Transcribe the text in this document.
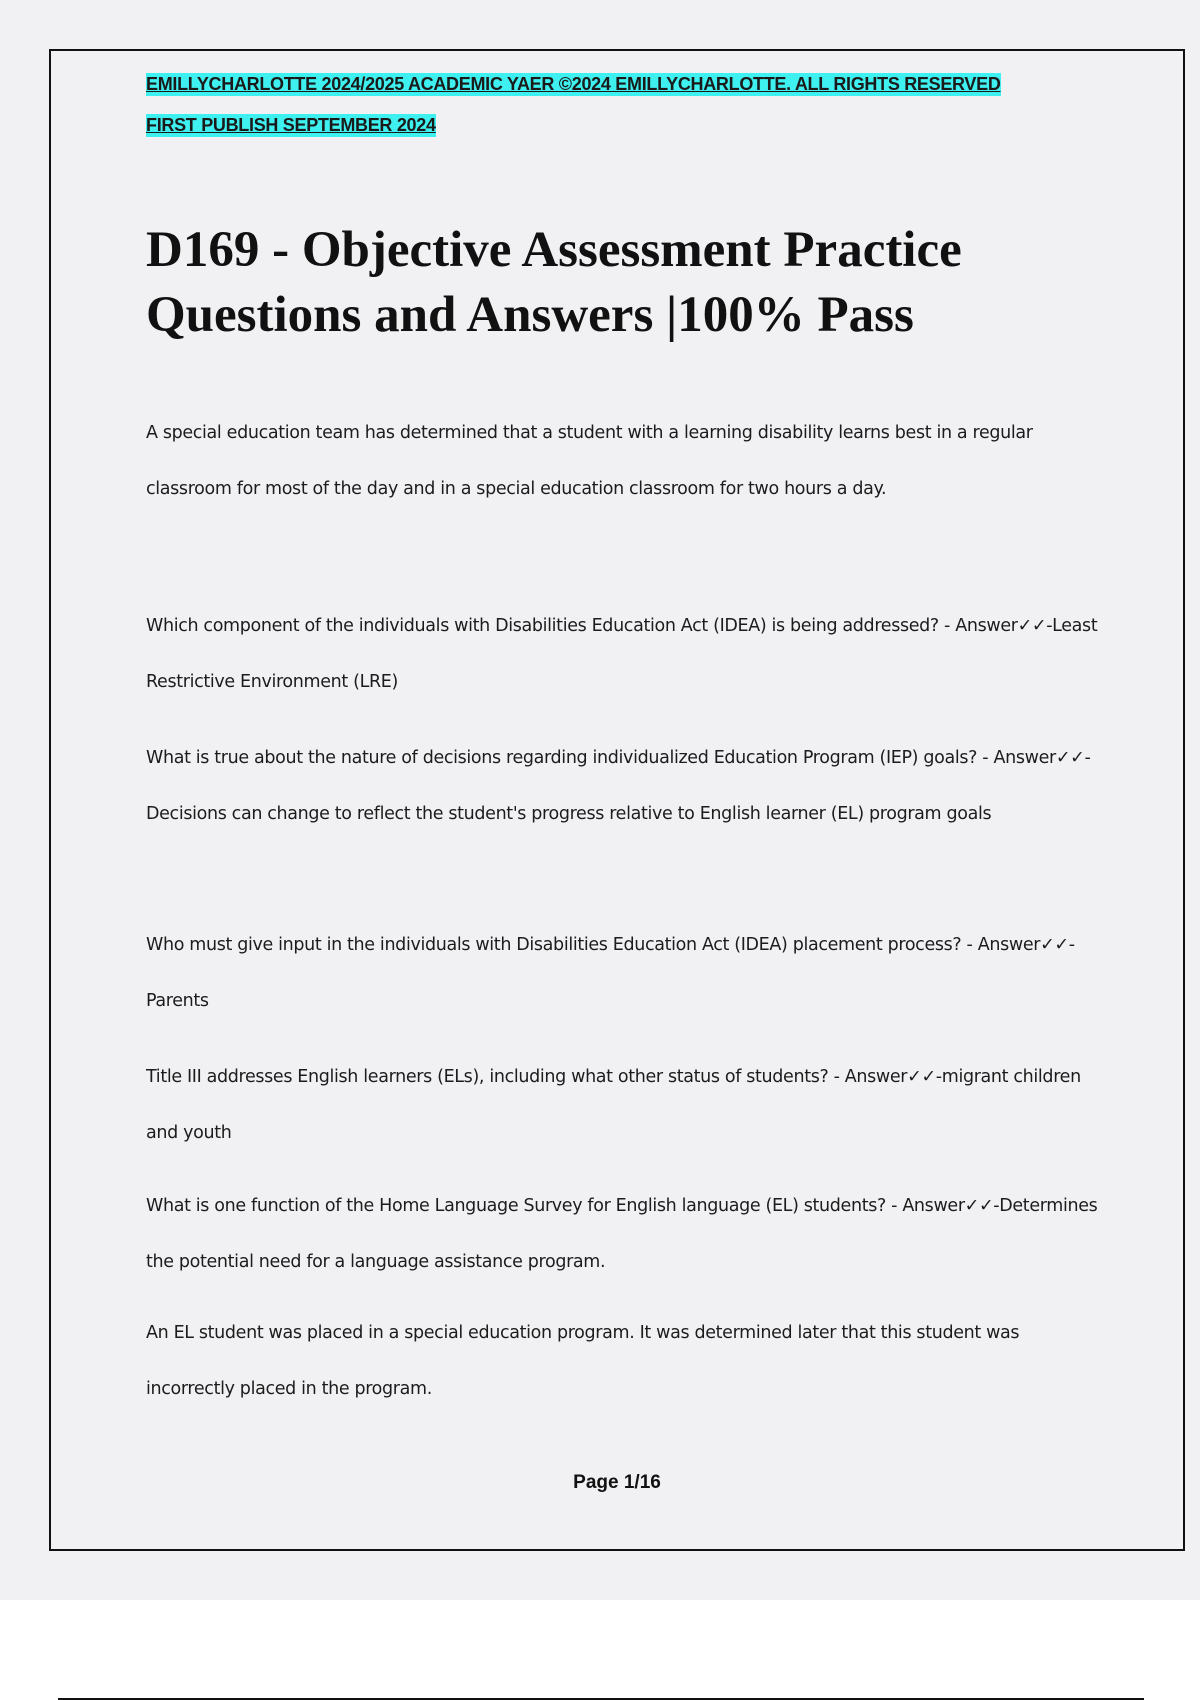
EMILLYCHARLOTTE 2024/2025 ACADEMIC YAER ©2024 EMILLYCHARLOTTE. ALL RIGHTS RESERVED
FIRST PUBLISH SEPTEMBER 2024
D169 - Objective Assessment Practice Questions and Answers |100% Pass

A special education team has determined that a student with a learning disability learns best in a regular classroom for most of the day and in a special education classroom for two hours a day.

Which component of the individuals with Disabilities Education Act (IDEA) is being addressed? - Answer✓✓-Least Restrictive Environment (LRE)

What is true about the nature of decisions regarding individualized Education Program (IEP) goals? - Answer✓✓-Decisions can change to reflect the student's progress relative to English learner (EL) program goals

Who must give input in the individuals with Disabilities Education Act (IDEA) placement process? - Answer✓✓-Parents

Title III addresses English learners (ELs), including what other status of students? - Answer✓✓-migrant children and youth

What is one function of the Home Language Survey for English language (EL) students? - Answer✓✓-Determines the potential need for a language assistance program.

An EL student was placed in a special education program. It was determined later that this student was incorrectly placed in the program.

Page 1/16
